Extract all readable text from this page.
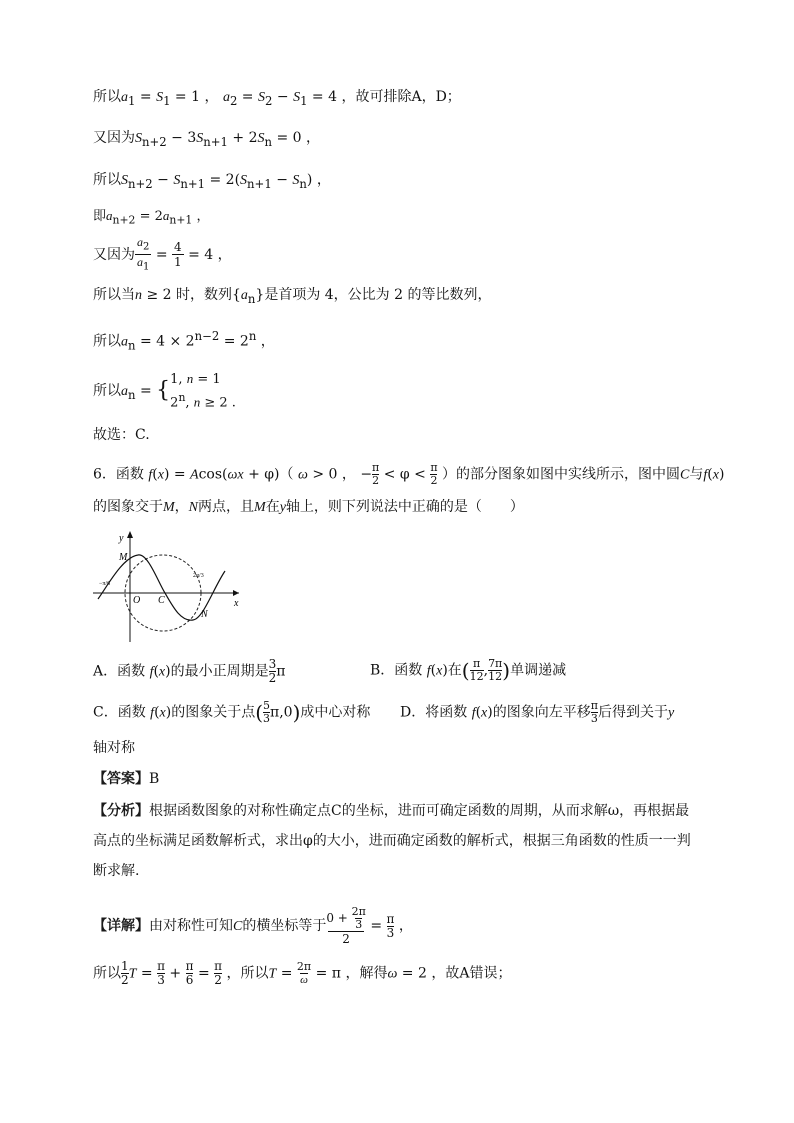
所以$a_1 = S_1 = 1$ ， $a_2 = S_2 - S_1 = 4$ ，故可排除A，D；
又因为$S_{n+2} - 3S_{n+1} + 2S_n = 0$ ，
所以$S_{n+2} - S_{n+1} = 2(S_{n+1} - S_n)$ ，
即$a_{n+2} = 2a_{n+1}$ ，
又因为$a_2$
$a_1 = 4$
1 = 4 ，
所以当n ≥ 2 时，数列$\{a_n\}$是首项为 4，公比为 2 的等比数列，
所以$a_n = 4 \times 2^{n-2} = 2^n$ ，
所以$a_n = \{1$, n = 1
2$^n$, n ≥ 2 .
故选：C.
6．函数 f(x) = Acos(ωx + φ)（ ω > 0 ， −π
2 < φ < π
2 ）的部分图象如图中实线所示，图中圆C与f(x)
的图象交于M，N两点，且M在y轴上，则下列说法中正确的是（　　）
y
x
M
N
O C
−π/6
2π/3
A．函数 f(x)的最小正周期是3
2π	B．函数 f(x)在( π
12,7π
12)单调递减
C．函数 f(x)的图象关于点(5
3π,0)成中心对称 D．将函数 f(x)的图象向左平移π
3后得到关于y
轴对称
【答案】B
【分析】根据函数图象的对称性确定点C的坐标，进而可确定函数的周期，从而求解ω，再根据最
高点的坐标满足函数解析式，求出φ的大小，进而确定函数的解析式，根据三角函数的性质一一判
断求解.
【详解】由对称性可知C的横坐标等于0 + 2π
3
2 = π
3 ，
所以1
2T = π
3 + π
6 = π
2 ，所以T = 2π
ω = π ，解得ω = 2 ，故A错误；
